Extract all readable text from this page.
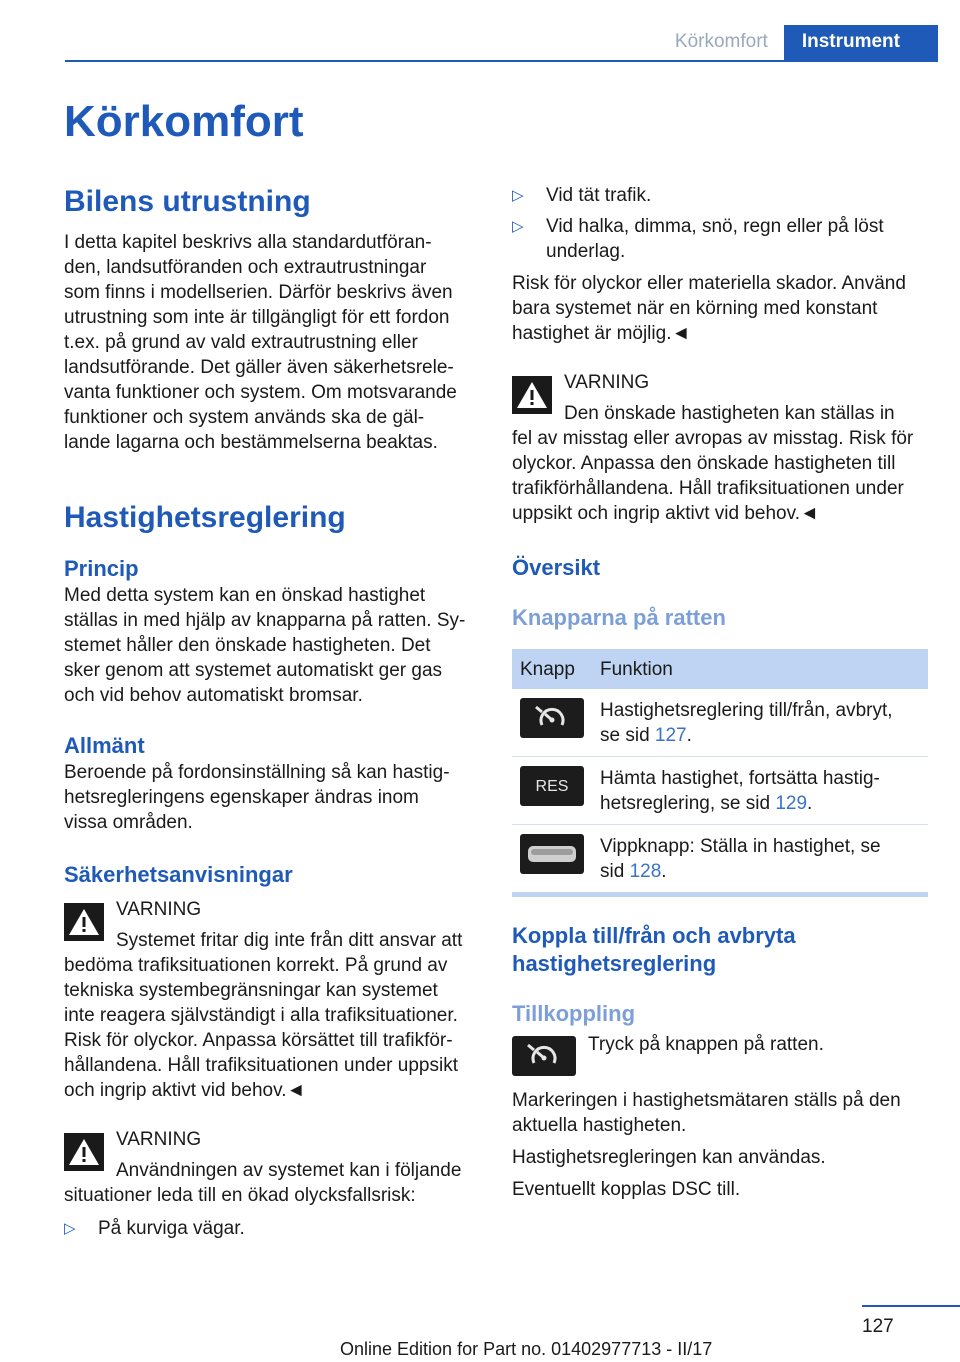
Körkomfort	Instrument
Körkomfort
Bilens utrustning
I detta kapitel beskrivs alla standardutföran-
den, landsutföranden och extrautrustningar
som finns i modellserien. Därför beskrivs även
utrustning som inte är tillgängligt för ett fordon
t.ex. på grund av vald extrautrustning eller
landsutförande. Det gäller även säkerhetsrele-
vanta funktioner och system. Om motsvarande
funktioner och system används ska de gäl-
lande lagarna och bestämmelserna beaktas.
Hastighetsreglering
Princip
Med detta system kan en önskad hastighet
ställas in med hjälp av knapparna på ratten. Sy-
stemet håller den önskade hastigheten. Det
sker genom att systemet automatiskt ger gas
och vid behov automatiskt bromsar.
Allmänt
Beroende på fordonsinställning så kan hastig-
hetsregleringens egenskaper ändras inom
vissa områden.
Säkerhetsanvisningar
VARNING
Systemet fritar dig inte från ditt ansvar att
bedöma trafiksituationen korrekt. På grund av
tekniska systembegränsningar kan systemet
inte reagera självständigt i alla trafiksituationer.
Risk för olyckor. Anpassa körsättet till trafikför-
hållandena. Håll trafiksituationen under uppsikt
och ingrip aktivt vid behov.◄
VARNING
Användningen av systemet kan i följande
situationer leda till en ökad olycksfallsrisk:
▷	På kurviga vägar.
▷	Vid tät trafik.
▷	Vid halka, dimma, snö, regn eller på löst
underlag.
Risk för olyckor eller materiella skador. Använd
bara systemet när en körning med konstant
hastighet är möjlig.◄
VARNING
Den önskade hastigheten kan ställas in
fel av misstag eller avropas av misstag. Risk för
olyckor. Anpassa den önskade hastigheten till
trafikförhållandena. Håll trafiksituationen under
uppsikt och ingrip aktivt vid behov.◄
Översikt
Knapparna på ratten
Knapp	Funktion

	Hastighetsreglering till/från, avbryt,
se sid 127.

RES	Hämta hastighet, fortsätta hastig-
hetsreglering, se sid 129.

	Vippknapp: Ställa in hastighet, se
sid 128.
Koppla till/från och avbryta
hastighetsreglering
Tillkoppling
Tryck på knappen på ratten.
Markeringen i hastighetsmätaren ställs på den
aktuella hastigheten.
Hastighetsregleringen kan användas.
Eventuellt kopplas DSC till.
127
Online Edition for Part no. 01402977713 - II/17
